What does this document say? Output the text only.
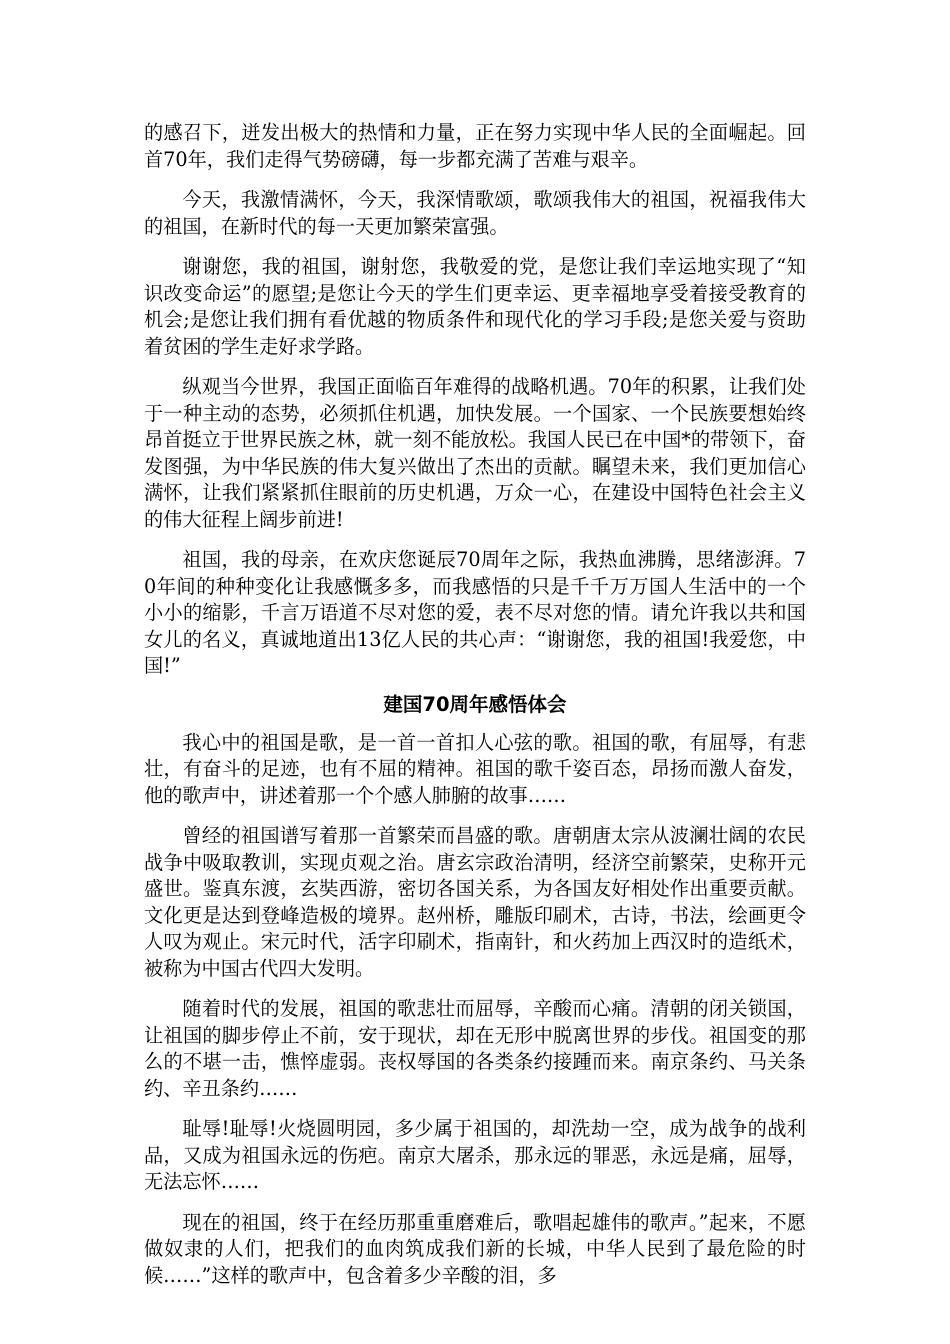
的感召下，迸发出极大的热情和力量，正在努力实现中华人民的全面崛起。回首70年，我们走得气势磅礴，每一步都充满了苦难与艰辛。

今天，我激情满怀，今天，我深情歌颂，歌颂我伟大的祖国，祝福我伟大的祖国，在新时代的每一天更加繁荣富强。

谢谢您，我的祖国，谢射您，我敬爱的党，是您让我们幸运地实现了“知识改变命运”的愿望;是您让今天的学生们更幸运、更幸福地享受着接受教育的机会;是您让我们拥有看优越的物质条件和现代化的学习手段;是您关爱与资助着贫困的学生走好求学路。

纵观当今世界，我国正面临百年难得的战略机遇。70年的积累，让我们处于一种主动的态势，必须抓住机遇，加快发展。一个国家、一个民族要想始终昂首挺立于世界民族之林，就一刻不能放松。我国人民已在中国*的带领下，奋发图强，为中华民族的伟大复兴做出了杰出的贡献。瞩望未来，我们更加信心满怀，让我们紧紧抓住眼前的历史机遇，万众一心，在建设中国特色社会主义的伟大征程上阔步前进!

祖国，我的母亲，在欢庆您诞辰70周年之际，我热血沸腾，思绪澎湃。70年间的种种变化让我感慨多多，而我感悟的只是千千万万国人生活中的一个小小的缩影，千言万语道不尽对您的爱，表不尽对您的情。请允许我以共和国女儿的名义，真诚地道出13亿人民的共心声：“谢谢您，我的祖国!我爱您，中国!”

建国70周年感悟体会

我心中的祖国是歌，是一首一首扣人心弦的歌。祖国的歌，有屈辱，有悲壮，有奋斗的足迹，也有不屈的精神。祖国的歌千姿百态，昂扬而激人奋发，他的歌声中，讲述着那一个个感人肺腑的故事……

曾经的祖国谱写着那一首繁荣而昌盛的歌。唐朝唐太宗从波澜壮阔的农民战争中吸取教训，实现贞观之治。唐玄宗政治清明，经济空前繁荣，史称开元盛世。鉴真东渡，玄奘西游，密切各国关系，为各国友好相处作出重要贡献。文化更是达到登峰造极的境界。赵州桥，雕版印刷术，古诗，书法，绘画更令人叹为观止。宋元时代，活字印刷术，指南针，和火药加上西汉时的造纸术，被称为中国古代四大发明。

随着时代的发展，祖国的歌悲壮而屈辱，辛酸而心痛。清朝的闭关锁国，让祖国的脚步停止不前，安于现状，却在无形中脱离世界的步伐。祖国变的那么的不堪一击，憔悴虚弱。丧权辱国的各类条约接踵而来。南京条约、马关条约、辛丑条约……

耻辱!耻辱!火烧圆明园，多少属于祖国的，却洗劫一空，成为战争的战利品，又成为祖国永远的伤疤。南京大屠杀，那永远的罪恶，永远是痛，屈辱，无法忘怀……

现在的祖国，终于在经历那重重磨难后，歌唱起雄伟的歌声。”起来，不愿做奴隶的人们，把我们的血肉筑成我们新的长城，中华人民到了最危险的时候……”这样的歌声中，包含着多少辛酸的泪，多
